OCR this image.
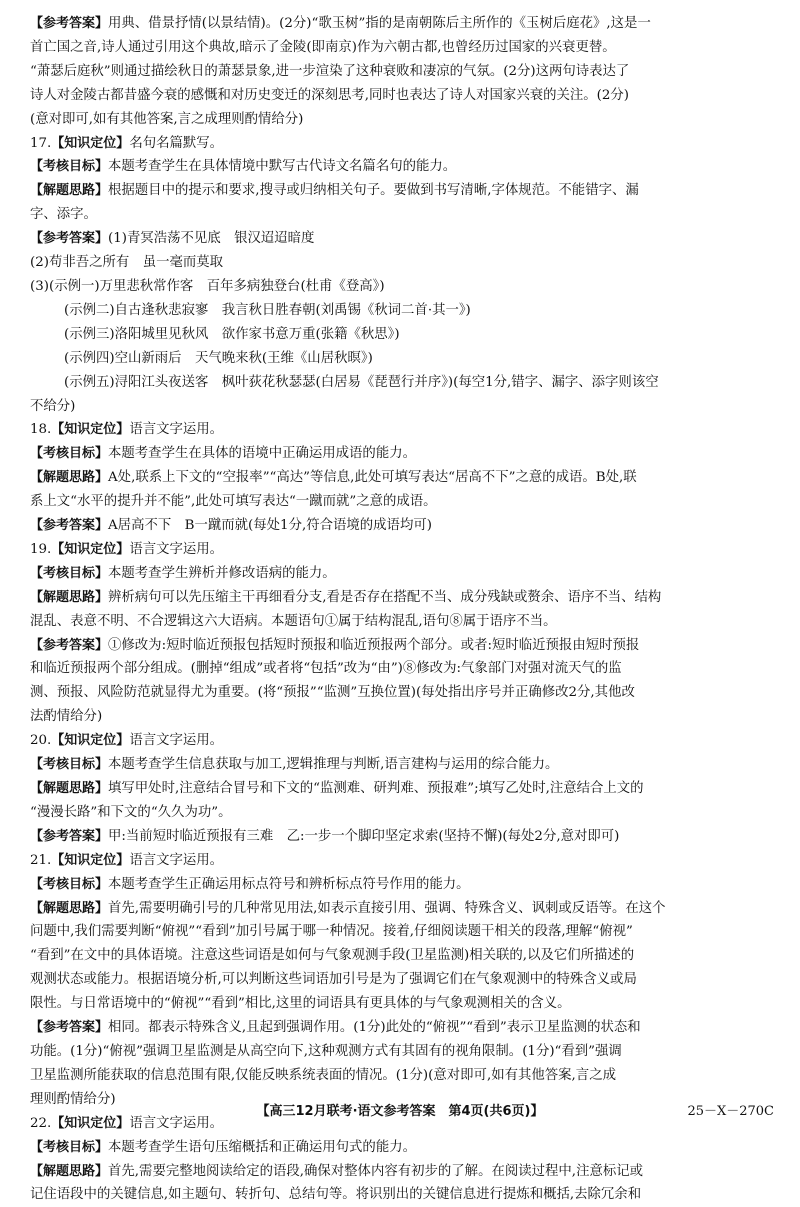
【参考答案】用典、借景抒情(以景结情)。(2分)“歌玉树”指的是南朝陈后主所作的《玉树后庭花》,这是一
首亡国之音,诗人通过引用这个典故,暗示了金陵(即南京)作为六朝古都,也曾经历过国家的兴衰更替。
“萧瑟后庭秋”则通过描绘秋日的萧瑟景象,进一步渲染了这种衰败和凄凉的气氛。(2分)这两句诗表达了
诗人对金陵古都昔盛今衰的感慨和对历史变迁的深刻思考,同时也表达了诗人对国家兴衰的关注。(2分)
(意对即可,如有其他答案,言之成理则酌情给分)
17.【知识定位】名句名篇默写。
【考核目标】本题考查学生在具体情境中默写古代诗文名篇名句的能力。
【解题思路】根据题目中的提示和要求,搜寻或归纳相关句子。要做到书写清晰,字体规范。不能错字、漏
字、添字。
【参考答案】(1)青冥浩荡不见底　银汉迢迢暗度
(2)苟非吾之所有　虽一毫而莫取
(3)(示例一)万里悲秋常作客　百年多病独登台(杜甫《登高》)
(示例二)自古逢秋悲寂寥　我言秋日胜春朝(刘禹锡《秋词二首·其一》)
(示例三)洛阳城里见秋风　欲作家书意万重(张籍《秋思》)
(示例四)空山新雨后　天气晚来秋(王维《山居秋暝》)
(示例五)浔阳江头夜送客　枫叶荻花秋瑟瑟(白居易《琵琶行并序》)(每空1分,错字、漏字、添字则该空
不给分)
18.【知识定位】语言文字运用。
【考核目标】本题考查学生在具体的语境中正确运用成语的能力。
【解题思路】A处,联系上下文的“空报率”“高达”等信息,此处可填写表达“居高不下”之意的成语。B处,联
系上文“水平的提升并不能”,此处可填写表达“一蹴而就”之意的成语。
【参考答案】A居高不下　B一蹴而就(每处1分,符合语境的成语均可)
19.【知识定位】语言文字运用。
【考核目标】本题考查学生辨析并修改语病的能力。
【解题思路】辨析病句可以先压缩主干再细看分支,看是否存在搭配不当、成分残缺或赘余、语序不当、结构
混乱、表意不明、不合逻辑这六大语病。本题语句①属于结构混乱,语句⑧属于语序不当。
【参考答案】①修改为:短时临近预报包括短时预报和临近预报两个部分。或者:短时临近预报由短时预报
和临近预报两个部分组成。(删掉“组成”或者将“包括”改为“由”)⑧修改为:气象部门对强对流天气的监
测、预报、风险防范就显得尤为重要。(将“预报”“监测”互换位置)(每处指出序号并正确修改2分,其他改
法酌情给分)
20.【知识定位】语言文字运用。
【考核目标】本题考查学生信息获取与加工,逻辑推理与判断,语言建构与运用的综合能力。
【解题思路】填写甲处时,注意结合冒号和下文的“监测难、研判难、预报难”;填写乙处时,注意结合上文的
“漫漫长路”和下文的“久久为功”。
【参考答案】甲:当前短时临近预报有三难　乙:一步一个脚印坚定求索(坚持不懈)(每处2分,意对即可)
21.【知识定位】语言文字运用。
【考核目标】本题考查学生正确运用标点符号和辨析标点符号作用的能力。
【解题思路】首先,需要明确引号的几种常见用法,如表示直接引用、强调、特殊含义、讽刺或反语等。在这个
问题中,我们需要判断“俯视”“看到”加引号属于哪一种情况。接着,仔细阅读题干相关的段落,理解“俯视”
“看到”在文中的具体语境。注意这些词语是如何与气象观测手段(卫星监测)相关联的,以及它们所描述的
观测状态或能力。根据语境分析,可以判断这些词语加引号是为了强调它们在气象观测中的特殊含义或局
限性。与日常语境中的“俯视”“看到”相比,这里的词语具有更具体的与气象观测相关的含义。
【参考答案】相同。都表示特殊含义,且起到强调作用。(1分)此处的“俯视”“看到”表示卫星监测的状态和
功能。(1分)“俯视”强调卫星监测是从高空向下,这种观测方式有其固有的视角限制。(1分)“看到”强调
卫星监测所能获取的信息范围有限,仅能反映系统表面的情况。(1分)(意对即可,如有其他答案,言之成
理则酌情给分)
22.【知识定位】语言文字运用。
【考核目标】本题考查学生语句压缩概括和正确运用句式的能力。
【解题思路】首先,需要完整地阅读给定的语段,确保对整体内容有初步的了解。在阅读过程中,注意标记或
记住语段中的关键信息,如主题句、转折句、总结句等。将识别出的关键信息进行提炼和概括,去除冗余和
【高三12月联考·语文参考答案　第4页(共6页)】	25－X－270C
